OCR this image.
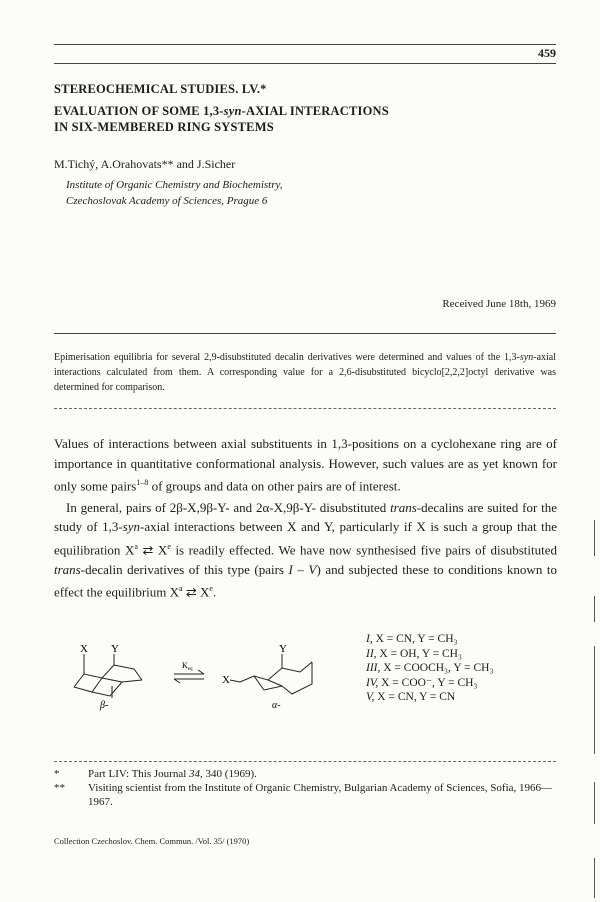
459
STEREOCHEMICAL STUDIES. LV.*
EVALUATION OF SOME 1,3-syn-AXIAL INTERACTIONS
IN SIX-MEMBERED RING SYSTEMS
M.Tichý, A.Orahovats** and J.Sicher
Institute of Organic Chemistry and Biochemistry,
Czechoslovak Academy of Sciences, Prague 6
Received June 18th, 1969
Epimerisation equilibria for several 2,9-disubstituted decalin derivatives were determined and values of the 1,3-syn-axial interactions calculated from them. A corresponding value for a 2,6-disubstituted bicyclo[2,2,2]octyl derivative was determined for comparison.

Values of interactions between axial substituents in 1,3-positions on a cyclohexane ring are of importance in quantitative conformational analysis. However, such values are as yet known for only some pairs$^{1-8}$ of groups and data on other pairs are of interest.

In general, pairs of 2β-X,9β-Y- and 2α-X,9β-Y- disubstituted trans-decalins are suited for the study of 1,3-syn-axial interactions between X and Y, particularly if X is such a group that the equilibration $X^a$ ⇄ Xe is readily effected. We have now synthesised five pairs of disubstituted trans-decalin derivatives of this type (pairs I – V) and subjected these to conditions known to effect the equilibrium $X^a$ ⇄ Xe.

X Y
β-
$K_{eq}$
X
Y
α-
I, X = CN, Y = CH₃
II, X = OH, Y = CH₃
III, X = COOCH₃, Y = CH₃
IV, X = COO⁻, Y = CH₃
V, X = CN, Y = CN
*	Part LIV: This Journal 34, 340 (1969).
**	Visiting scientist from the Institute of Organic Chemistry, Bulgarian Academy of Sciences, Sofia, 1966—1967.
Collection Czechoslov. Chem. Commun. /Vol. 35/ (1970)
